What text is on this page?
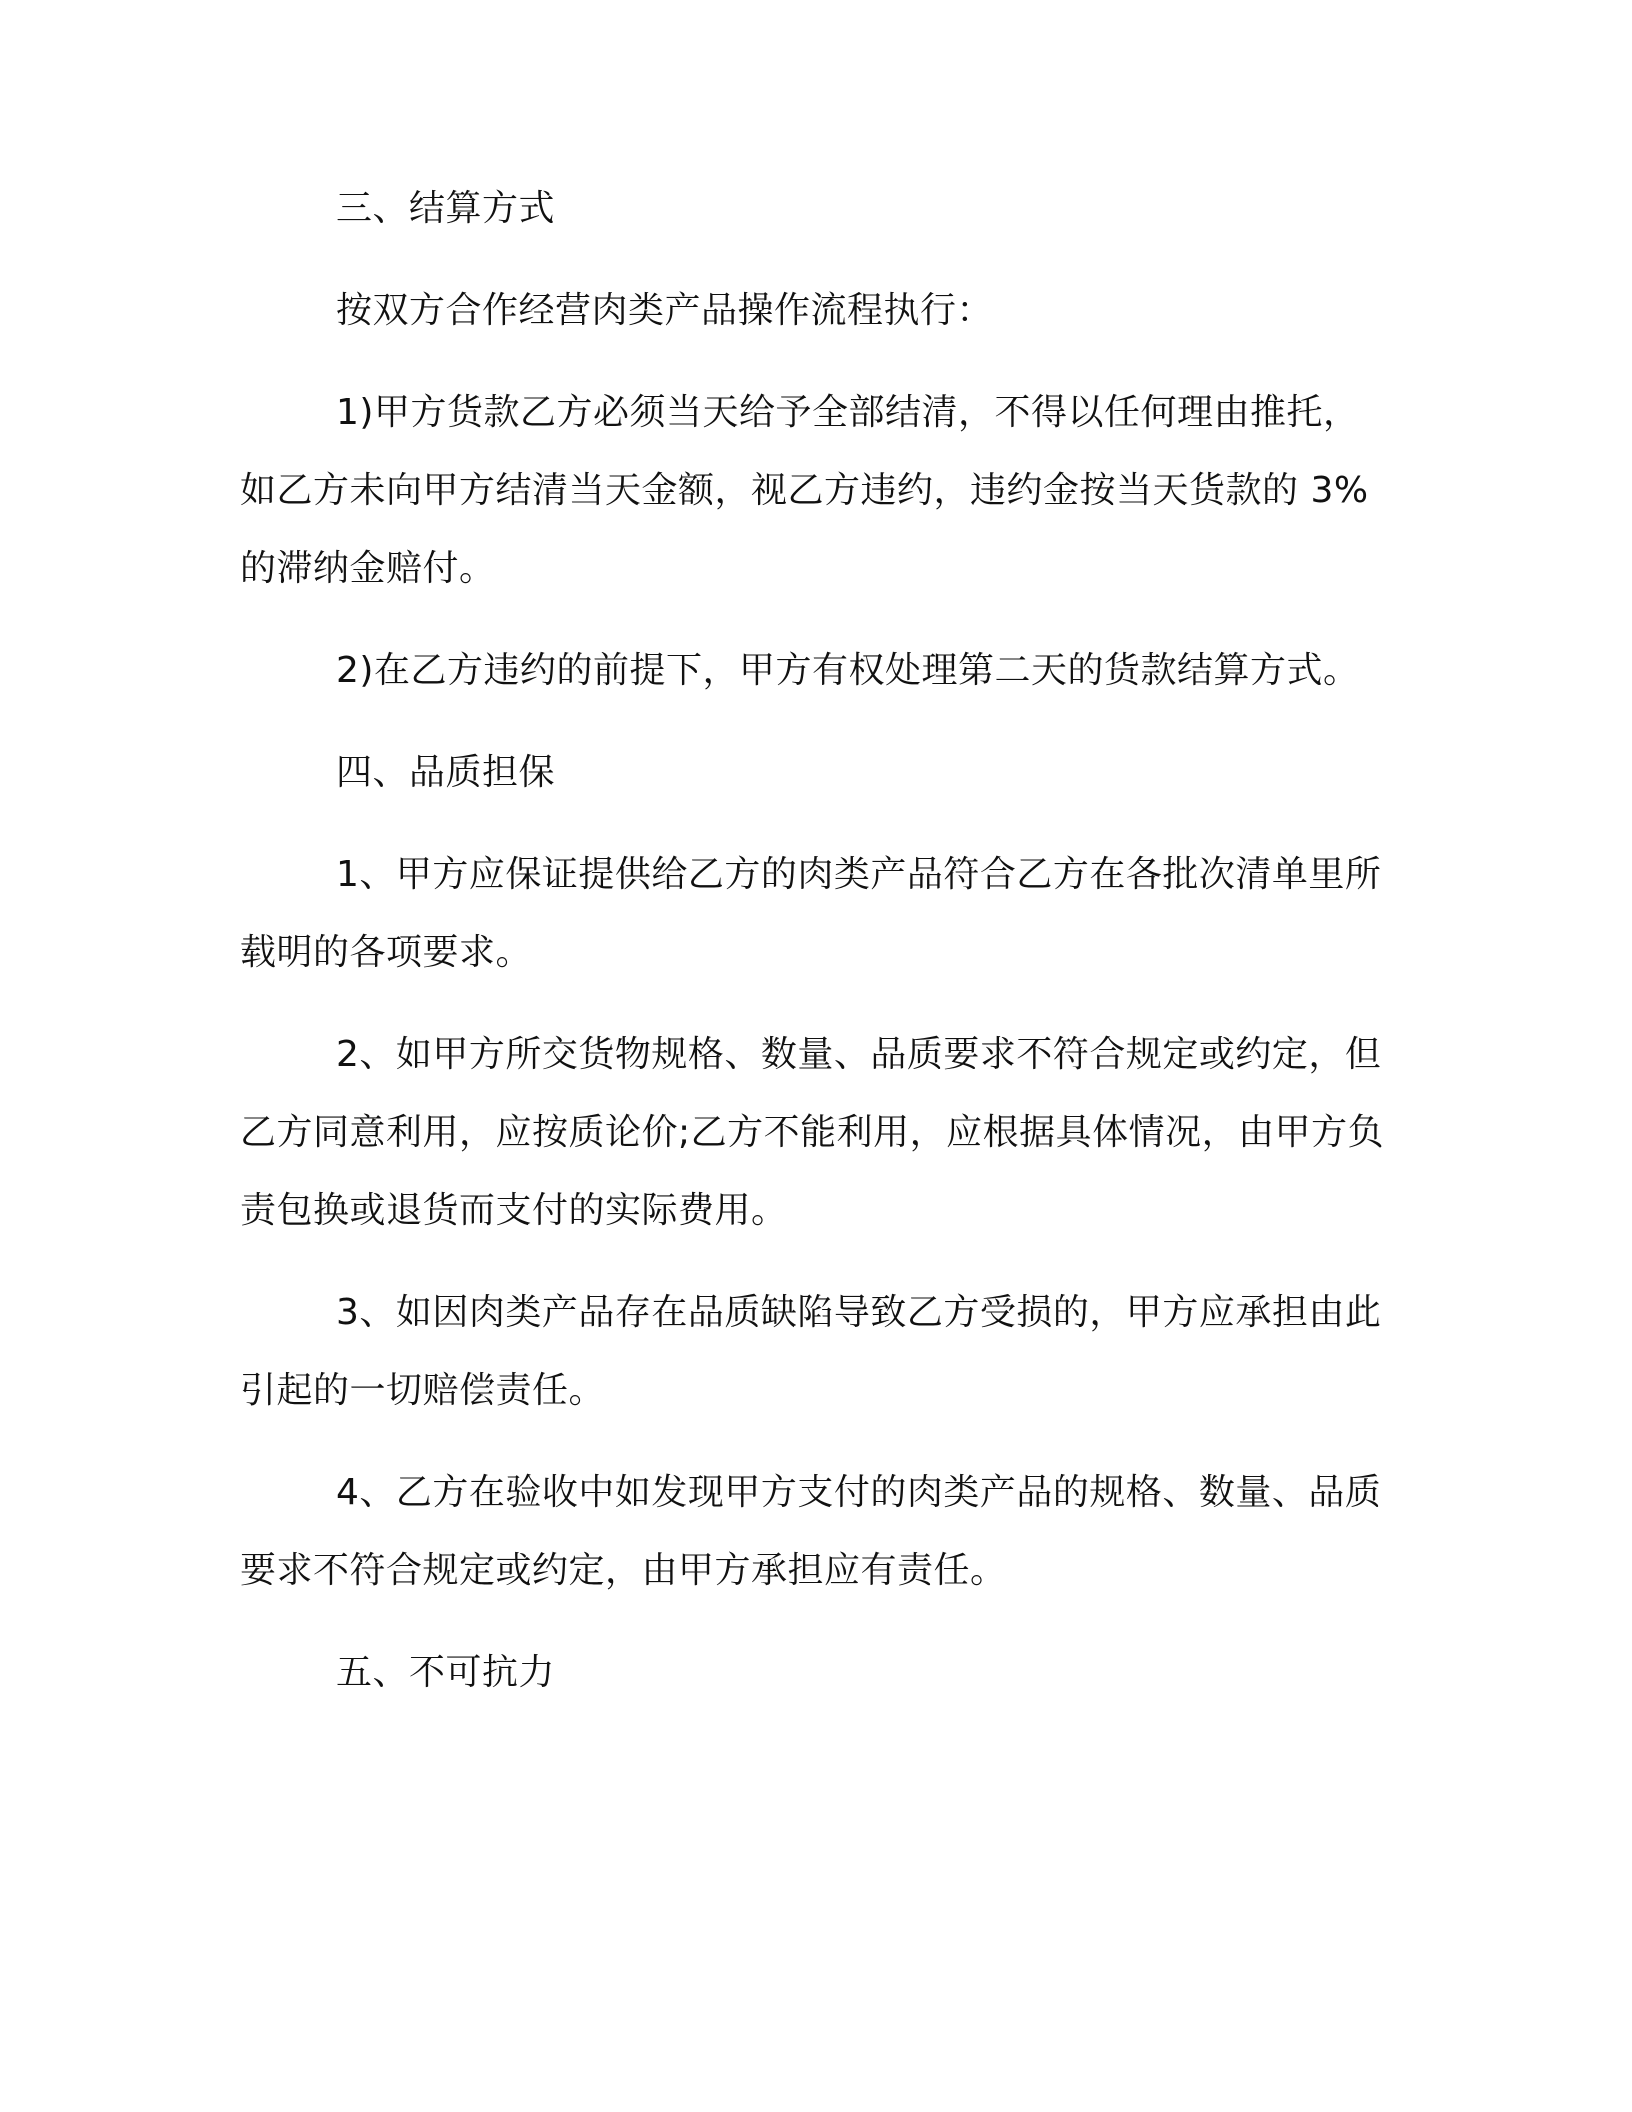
三、结算方式

按双方合作经营肉类产品操作流程执行：

1)甲方货款乙方必须当天给予全部结清，不得以任何理由推托，如乙方未向甲方结清当天金额，视乙方违约，违约金按当天货款的 3%的滞纳金赔付。

2)在乙方违约的前提下，甲方有权处理第二天的货款结算方式。

四、品质担保

1、甲方应保证提供给乙方的肉类产品符合乙方在各批次清单里所载明的各项要求。

2、如甲方所交货物规格、数量、品质要求不符合规定或约定，但乙方同意利用，应按质论价;乙方不能利用，应根据具体情况，由甲方负责包换或退货而支付的实际费用。

3、如因肉类产品存在品质缺陷导致乙方受损的，甲方应承担由此引起的一切赔偿责任。

4、乙方在验收中如发现甲方支付的肉类产品的规格、数量、品质要求不符合规定或约定，由甲方承担应有责任。

五、不可抗力
